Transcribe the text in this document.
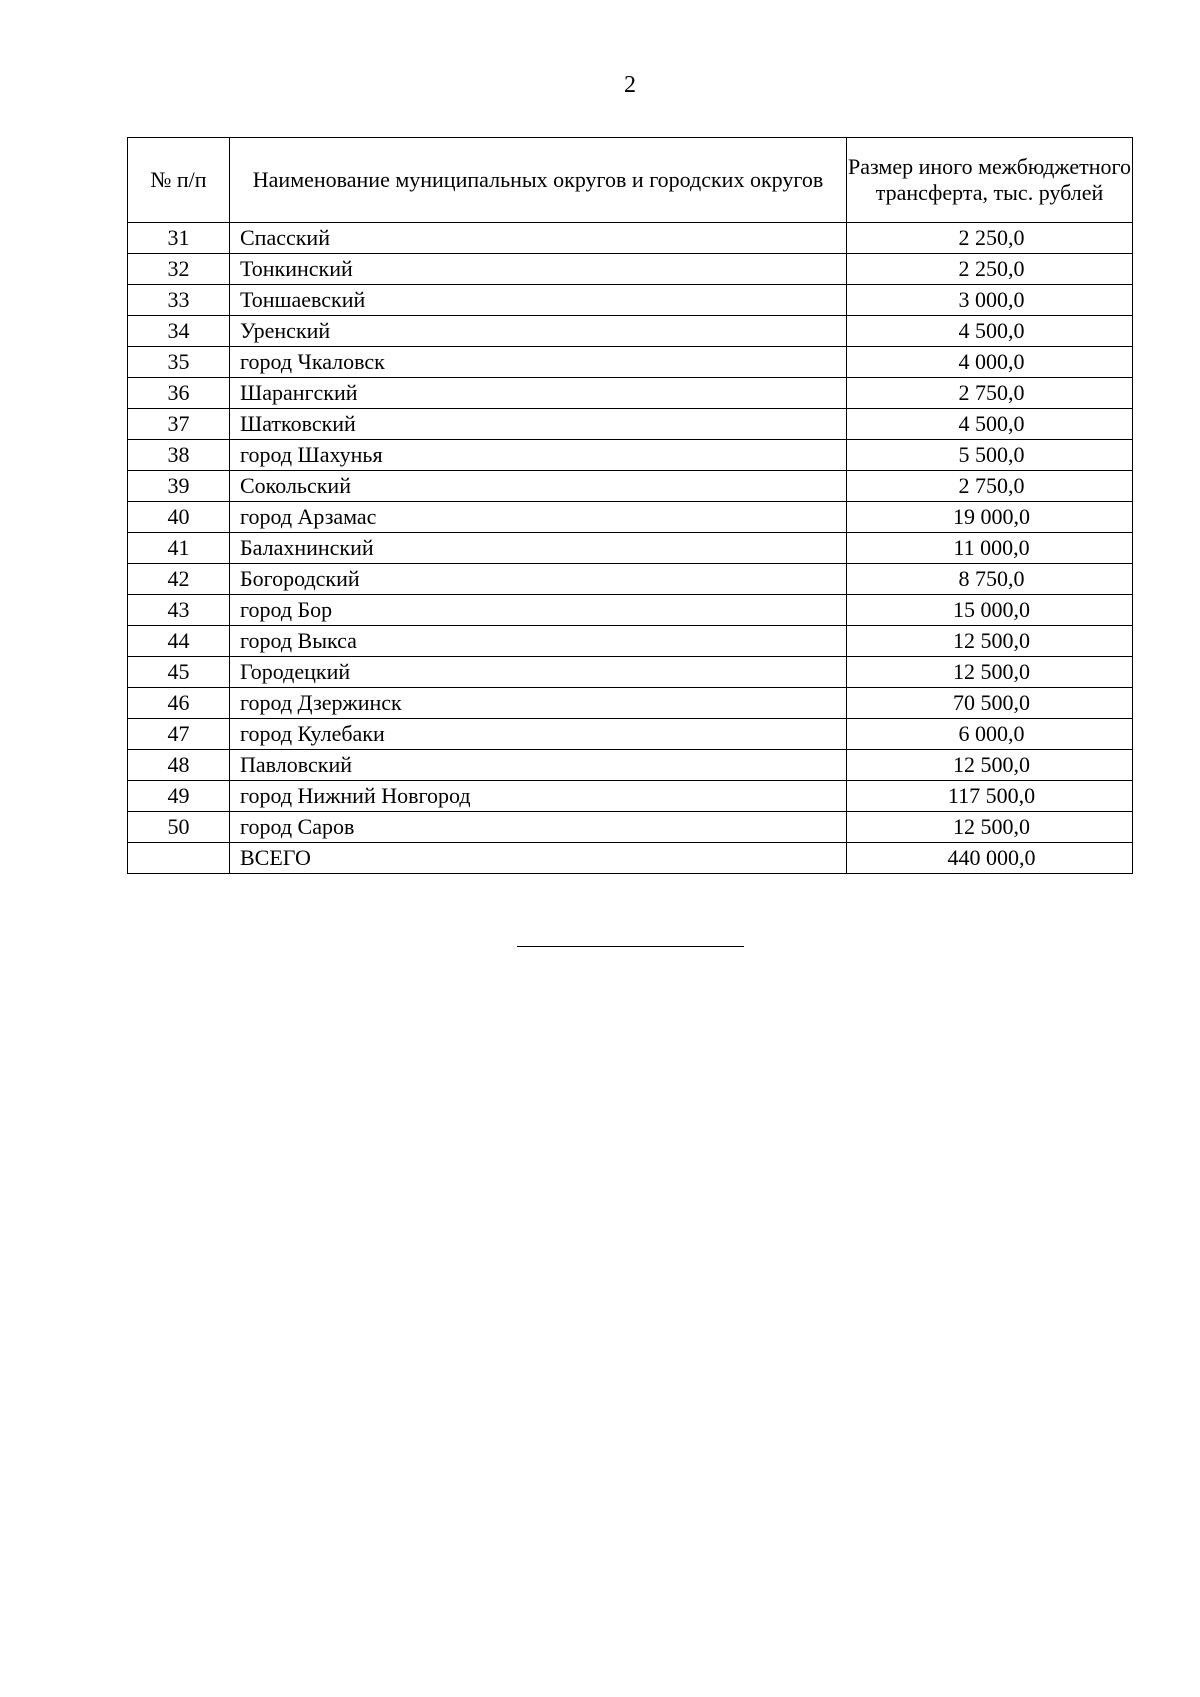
2
№ п/п	Наименование муниципальных округов и городских округов	Размер иного межбюджетного трансферта, тыс. рублей
31	Спасский	2 250,0
32	Тонкинский	2 250,0
33	Тоншаевский	3 000,0
34	Уренский	4 500,0
35	город Чкаловск	4 000,0
36	Шарангский	2 750,0
37	Шатковский	4 500,0
38	город Шахунья	5 500,0
39	Сокольский	2 750,0
40	город Арзамас	19 000,0
41	Балахнинский	11 000,0
42	Богородский	8 750,0
43	город Бор	15 000,0
44	город Выкса	12 500,0
45	Городецкий	12 500,0
46	город Дзержинск	70 500,0
47	город Кулебаки	6 000,0
48	Павловский	12 500,0
49	город Нижний Новгород	117 500,0
50	город Саров	12 500,0
	ВСЕГО	440 000,0
